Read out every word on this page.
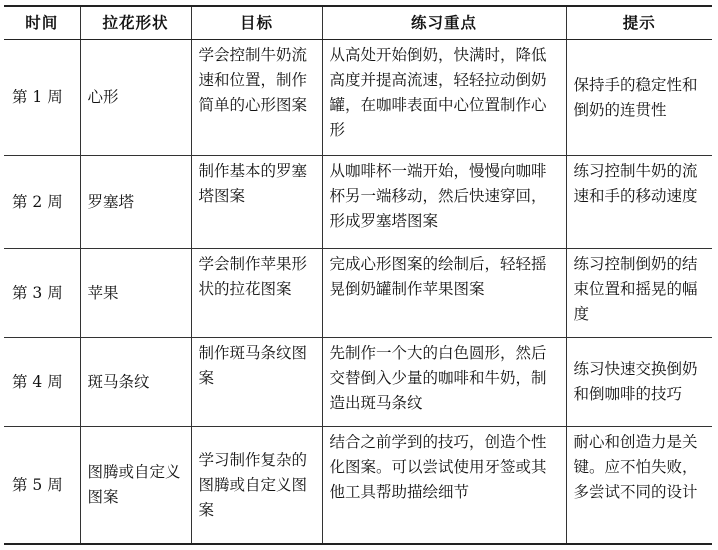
时间	拉花形状	目标	练习重点	提示
第 1 周	心形	学会控制牛奶流速和位置，制作简单的心形图案	从高处开始倒奶，快满时，降低高度并提高流速，轻轻拉动倒奶罐，在咖啡表面中心位置制作心形	保持手的稳定性和倒奶的连贯性
第 2 周	罗塞塔	制作基本的罗塞塔图案	从咖啡杯一端开始，慢慢向咖啡杯另一端移动，然后快速穿回，形成罗塞塔图案	练习控制牛奶的流速和手的移动速度
第 3 周	苹果	学会制作苹果形状的拉花图案	完成心形图案的绘制后，轻轻摇晃倒奶罐制作苹果图案	练习控制倒奶的结束位置和摇晃的幅度
第 4 周	斑马条纹	制作斑马条纹图案	先制作一个大的白色圆形，然后交替倒入少量的咖啡和牛奶，制造出斑马条纹	练习快速交换倒奶和倒咖啡的技巧
第 5 周	图腾或自定义图案	学习制作复杂的图腾或自定义图案	结合之前学到的技巧，创造个性化图案。可以尝试使用牙签或其他工具帮助描绘细节	耐心和创造力是关键。应不怕失败，多尝试不同的设计
